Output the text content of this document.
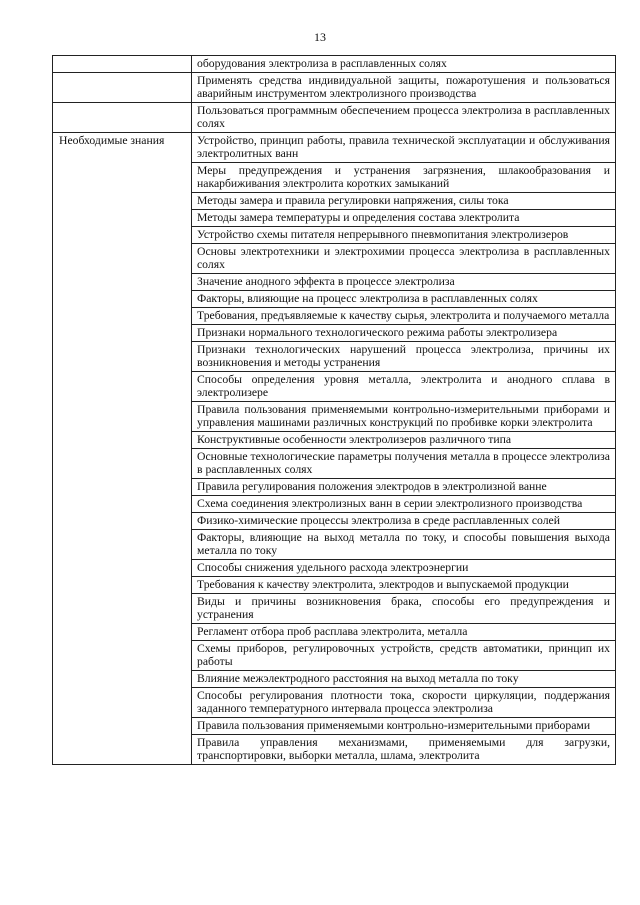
13
	оборудования электролиза в расплавленных солях
	Применять средства индивидуальной защиты, пожаротушения и пользоваться аварийным инструментом электролизного производства
	Пользоваться программным обеспечением процесса электролиза в расплавленных солях
Необходимые знания	Устройство, принцип работы, правила технической эксплуатации и обслуживания электролитных ванн
	Меры предупреждения и устранения загрязнения, шлакообразования и накарбиживания электролита коротких замыканий
	Методы замера и правила регулировки напряжения, силы тока
	Методы замера температуры и определения состава электролита
	Устройство схемы питателя непрерывного пневмопитания электролизеров
	Основы электротехники и электрохимии процесса электролиза в расплавленных солях
	Значение анодного эффекта в процессе электролиза
	Факторы, влияющие на процесс электролиза в расплавленных солях
	Требования, предъявляемые к качеству сырья, электролита и получаемого металла
	Признаки нормального технологического режима работы электролизера
	Признаки технологических нарушений процесса электролиза, причины их возникновения и методы устранения
	Способы определения уровня металла, электролита и анодного сплава в электролизере
	Правила пользования применяемыми контрольно-измерительными приборами и управления машинами различных конструкций по пробивке корки электролита
	Конструктивные особенности электролизеров различного типа
	Основные технологические параметры получения металла в процессе электролиза в расплавленных солях
	Правила регулирования положения электродов в электролизной ванне
	Схема соединения электролизных ванн в серии электролизного производства
	Физико-химические процессы электролиза в среде расплавленных солей
	Факторы, влияющие на выход металла по току, и способы повышения выхода металла по току
	Способы снижения удельного расхода электроэнергии
	Требования к качеству электролита, электродов и выпускаемой продукции
	Виды и причины возникновения брака, способы его предупреждения и устранения
	Регламент отбора проб расплава электролита, металла
	Схемы приборов, регулировочных устройств, средств автоматики, принцип их работы
	Влияние межэлектродного расстояния на выход металла по току
	Способы регулирования плотности тока, скорости циркуляции, поддержания заданного температурного интервала процесса электролиза
	Правила пользования применяемыми контрольно-измерительными приборами
	Правила управления механизмами, применяемыми для загрузки, транспортировки, выборки металла, шлама, электролита
